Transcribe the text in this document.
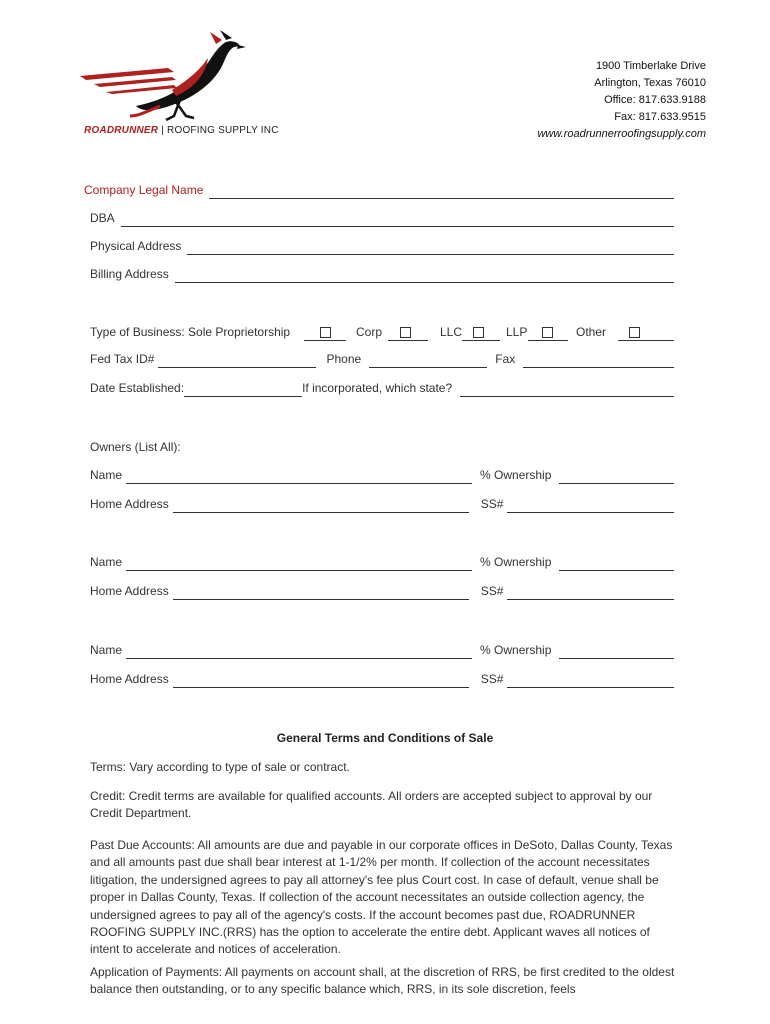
ROADRUNNER | ROOFING SUPPLY INC
1900 Timberlake Drive
Arlington, Texas 76010
Office: 817.633.9188
Fax: 817.633.9515
www.roadrunnerroofingsupply.com
Company Legal Name
DBA
Physical Address
Billing Address
Type of Business: Sole Proprietorship	Corp	LLC	LLP	Other
Fed Tax ID#	Phone	Fax
Date Established:	If incorporated, which state?
Owners (List All):
Name	% Ownership
Home Address	SS#
Name	% Ownership
Home Address	SS#
Name	% Ownership
Home Address	SS#
General Terms and Conditions of Sale
Terms: Vary according to type of sale or contract.
Credit: Credit terms are available for qualified accounts. All orders are accepted subject to approval by our Credit Department.
Past Due Accounts: All amounts are due and payable in our corporate offices in DeSoto, Dallas County, Texas and all amounts past due shall bear interest at 1-1/2% per month. If collection of the account necessitates litigation, the undersigned agrees to pay all attorney's fee plus Court cost. In case of default, venue shall be proper in Dallas County, Texas. If collection of the account necessitates an outside collection agency, the undersigned agrees to pay all of the agency's costs. If the account becomes past due, ROADRUNNER ROOFING SUPPLY INC.(RRS) has the option to accelerate the entire debt. Applicant waves all notices of intent to accelerate and notices of acceleration.
Application of Payments: All payments on account shall, at the discretion of RRS, be first credited to the oldest balance then outstanding, or to any specific balance which, RRS, in its sole discretion, feels
